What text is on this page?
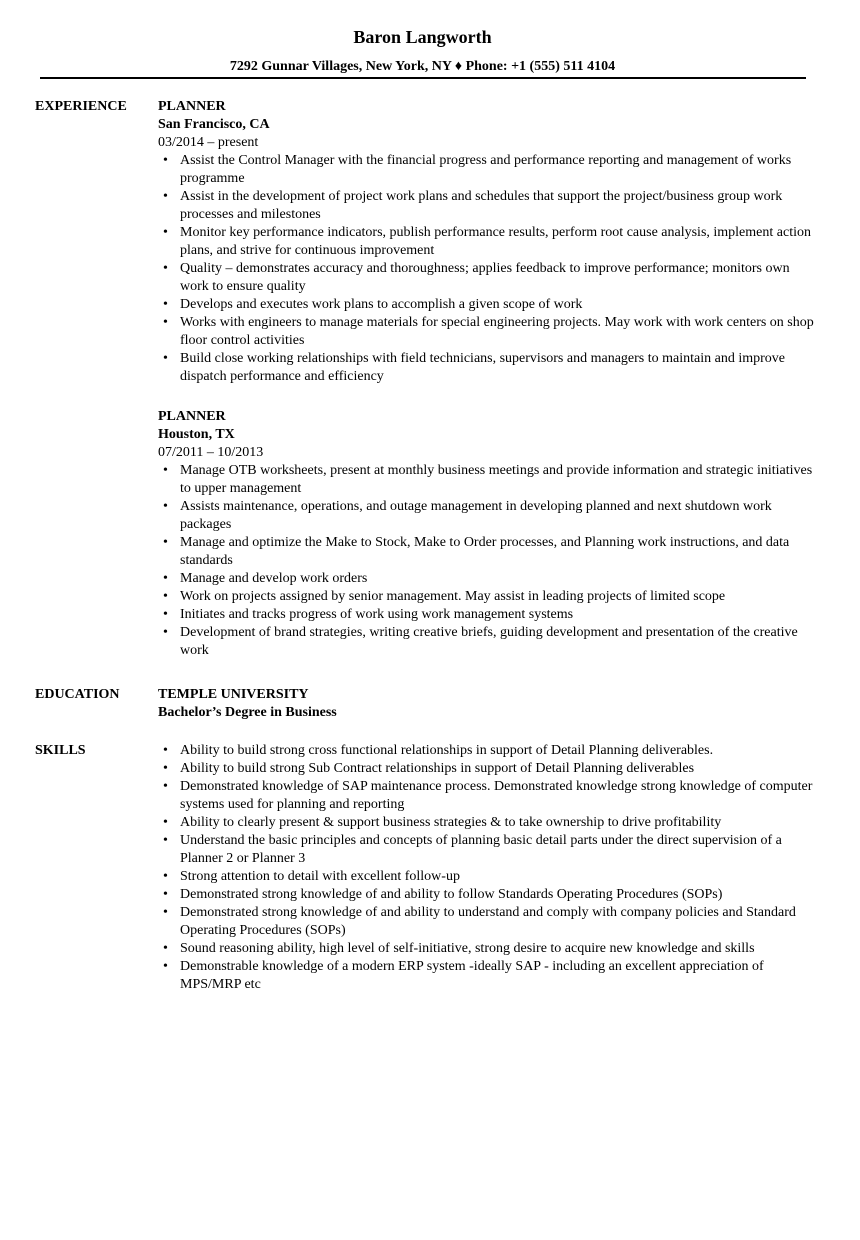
Baron Langworth
7292 Gunnar Villages, New York, NY ♦ Phone: +1 (555) 511 4104
EXPERIENCE PLANNER
San Francisco, CA
03/2014 – present
• Assist the Control Manager with the financial progress and performance reporting and management of works programme
• Assist in the development of project work plans and schedules that support the project/business group work processes and milestones
• Monitor key performance indicators, publish performance results, perform root cause analysis, implement action plans, and strive for continuous improvement
• Quality – demonstrates accuracy and thoroughness; applies feedback to improve performance; monitors own work to ensure quality
• Develops and executes work plans to accomplish a given scope of work
• Works with engineers to manage materials for special engineering projects. May work with work centers on shop floor control activities
• Build close working relationships with field technicians, supervisors and managers to maintain and improve dispatch performance and efficiency
PLANNER
Houston, TX
07/2011 – 10/2013
• Manage OTB worksheets, present at monthly business meetings and provide information and strategic initiatives to upper management
• Assists maintenance, operations, and outage management in developing planned and next shutdown work packages
• Manage and optimize the Make to Stock, Make to Order processes, and Planning work instructions, and data standards
• Manage and develop work orders
• Work on projects assigned by senior management. May assist in leading projects of limited scope
• Initiates and tracks progress of work using work management systems
• Development of brand strategies, writing creative briefs, guiding development and presentation of the creative work
EDUCATION	TEMPLE UNIVERSITY
Bachelor’s Degree in Business
SKILLS
•	Ability to build strong cross functional relationships in support of Detail Planning deliverables.
• Ability to build strong Sub Contract relationships in support of Detail Planning deliverables
• Demonstrated knowledge of SAP maintenance process. Demonstrated knowledge strong knowledge of computer systems used for planning and reporting
• Ability to clearly present & support business strategies & to take ownership to drive profitability
• Understand the basic principles and concepts of planning basic detail parts under the direct supervision of a Planner 2 or Planner 3
• Strong attention to detail with excellent follow-up
• Demonstrated strong knowledge of and ability to follow Standards Operating Procedures (SOPs)
• Demonstrated strong knowledge of and ability to understand and comply with company policies and Standard Operating Procedures (SOPs)
• Sound reasoning ability, high level of self-initiative, strong desire to acquire new knowledge and skills
• Demonstrable knowledge of a modern ERP system -ideally SAP - including an excellent appreciation of MPS/MRP etc
